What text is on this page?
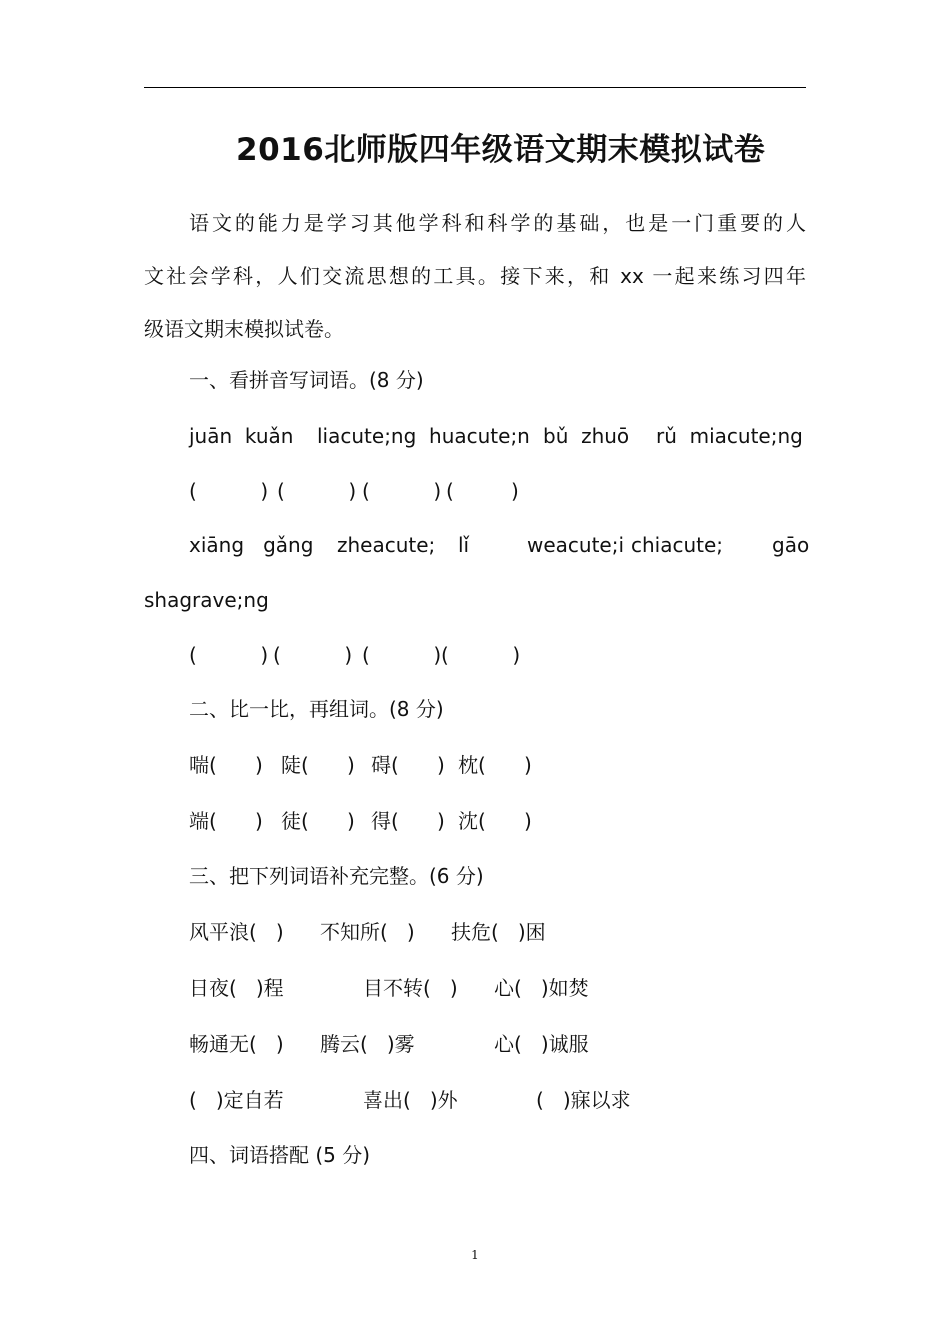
2016北师版四年级语文期末模拟试卷
语文的能力是学习其他学科和科学的基础，也是一门重要的人
文社会学科，人们交流思想的工具。接下来，和 xx 一起来练习四年
级语文期末模拟试卷。
一、看拼音写词语。(8 分)
juān  kuǎn liacute;ng  huacute;n bǔ  zhuō rǔ  miacute;ng
(          ) (          ) (          ) (         )
xiāng   gǎng zheacute; lǐ	weacute;i chiacute; gāo
shagrave;ng
(          ) (          ) (          ) (          )
二、比一比，再组词。(8 分)
喘(      ) 陡(      ) 碍(      ) 枕(      )
端(      ) 徒(      ) 得(      ) 沈(      )
三、把下列词语补充完整。(6 分)
风平浪(   ) 不知所(   ) 扶危(   )困
日夜(   )程	目不转(   ) 心(   )如焚
畅通无(   ) 腾云(   )雾	心(   )诚服
(   )定自若	喜出(   )外	(   )寐以求
四、词语搭配 (5 分)
1
